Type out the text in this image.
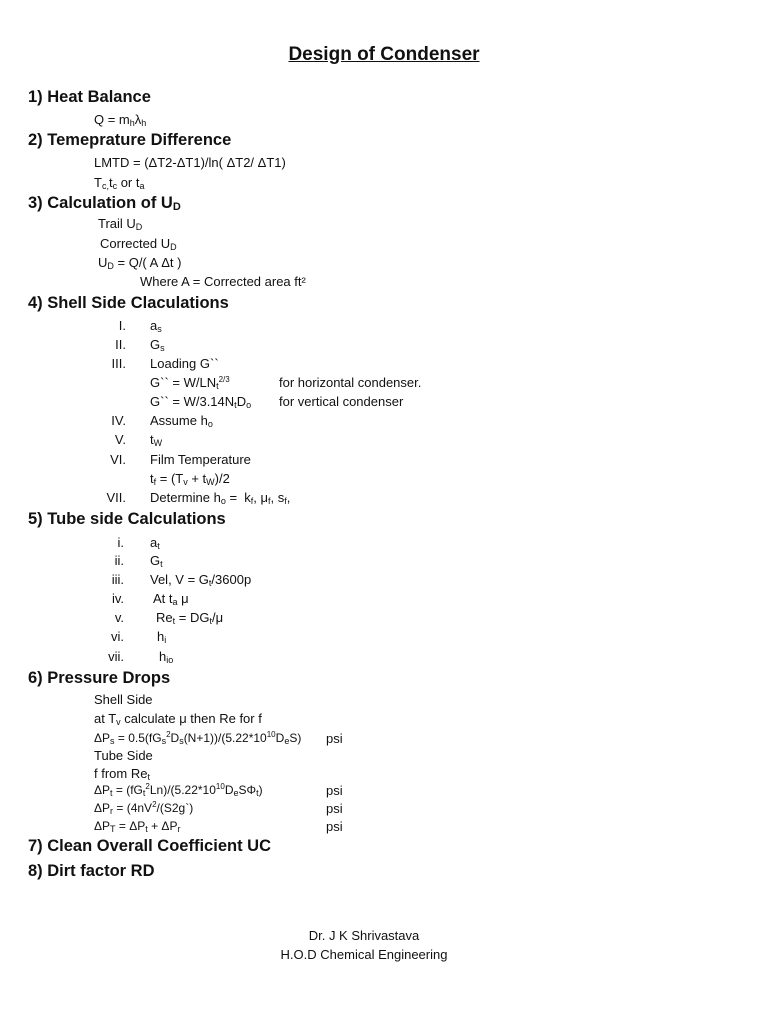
Design of Condenser
1) Heat Balance
$Q = m_h\lambda_h$
2) Temeprature Difference
LMTD = (ΔT2-ΔT1)/ln( ΔT2/ ΔT1)
$T_{c,}t_c$ or $t_a$
3) Calculation of $U_D$
Trail $U_D$
Corrected $U_D$
$U_D = Q/$( A Δt )
Where A = Corrected area ft²
4) Shell Side Claculations
I. $a_s$
II. $G_s$
III. Loading G``
G`` = $W/LN_t^{2/3}$	for horizontal condenser.
G`` = $W/3.14N_tD_o$ for vertical condenser
IV. Assume $h_o$
V. $t_W$
VI. Film Temperature
$t_f = (T_v + t_W)/2$
VII. Determine $h_o = k_f$, $\mu_f$, $s_f$,
5) Tube side Calculations
i. $a_t$
ii. $G_t$
iii. Vel, $V = G_t/3600p$
iv. At $t_a$ μ
v. $Re_t = DG_t/\mu$
vi.	$h_i$
vii.	$h_{io}$
6) Pressure Drops
Shell Side
at $T_v$ calculate μ then Re for f
$\Delta P_s = 0.5(fG_s^2D_s(N+1))/(5.22*10^{10}D_eS)$ psi
Tube Side
f from $Re_t$
$\Delta P_t = (fG_t^2Ln)/(5.22*10^{10}D_eS\Phi_t)$	psi
$\Delta P_r$ = ($4nV^2/(S2g`)$	psi
$\Delta P_T = \Delta P_t + \Delta P_r$	psi
7) Clean Overall Coefficient UC
8) Dirt factor RD
Dr. J K Shrivastava
H.O.D Chemical Engineering
